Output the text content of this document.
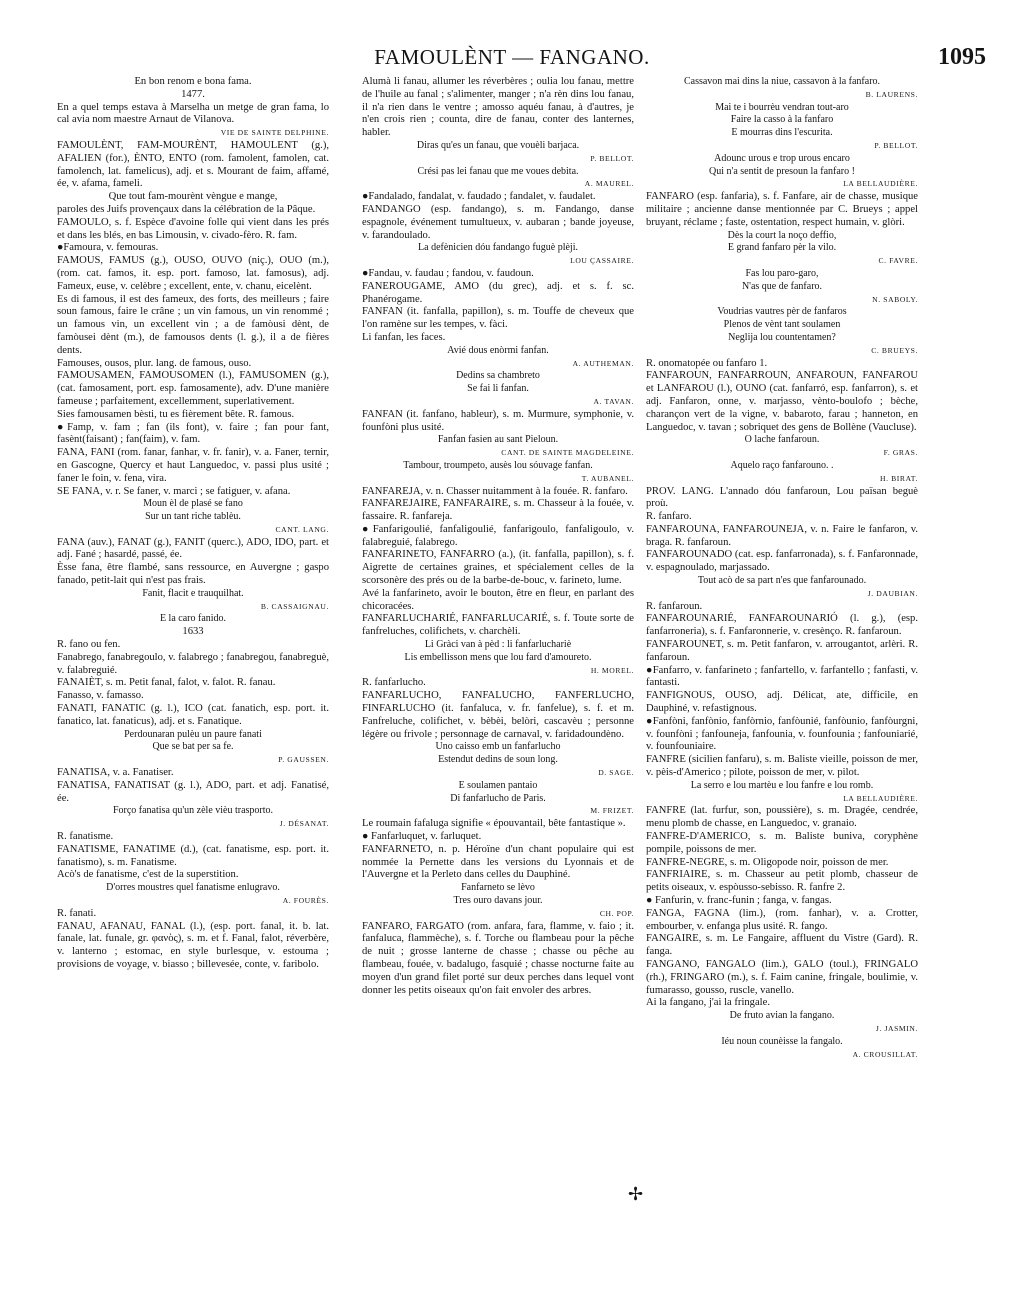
FAMOULÈNT — FANGANO.	1095

En bon renom e bona fama.

1477.

En a quel temps estava à Marselha un metge de gran fama, lo cal avia nom maestre Arnaut de Vilanova.

VIE DE SAINTE DELPHINE.

FAMOULÈNT, FAM-MOURÈNT, HAMOULENT (g.), AFALIEN (for.), ÈNTO, ENTO (rom. famolent, famolen, cat. famolench, lat. famelicus), adj. et s. Mourant de faim, affamé, ée, v. afama, fameli.

Que tout fam-mourènt vèngue e mange,

paroles des Juifs provençaux dans la célébration de la Pâque.

FAMOULO, s. f. Espèce d'avoine folle qui vient dans les prés et dans les blés, en bas Limousin, v. civado-fèro. R. fam.

●Famoura, v. femouras.

FAMOUS, FAMUS (g.), OUSO, OUVO (niç.), OUO (m.), (rom. cat. famos, it. esp. port. famoso, lat. famosus), adj. Fameux, euse, v. celèbre ; excellent, ente, v. chanu, eicelènt.

Es di famous, il est des fameux, des forts, des meilleurs ; faire soun famous, faire le crâne ; un vin famous, un vin renommé ; un famous vin, un excellent vin ; a de famòusi dènt, de famòusei dènt (m.), de famousos dents (l. g.), il a de fières dents.

Famouses, ousos, plur. lang. de famous, ouso.

FAMOUSAMEN, FAMOUSOMEN (l.), FAMUSOMEN (g.), (cat. famosament, port. esp. famosamente), adv. D'une manière fameuse ; parfaitement, excellemment, superlativement.

Sies famousamen bèsti, tu es fièrement bête. R. famous.

●Famp, v. fam ; fan (ils font), v. faire ; fan pour fant, fasènt(faisant) ; fan(faim), v. fam.

FANA, FANI (rom. fanar, fanhar, v. fr. fanir), v. a. Faner, ternir, en Gascogne, Quercy et haut Languedoc, v. passi plus usité ; faner le foin, v. fena, vira.

SE FANA, v. r. Se faner, v. marci ; se fatiguer, v. afana.

Moun èl de plasé se fano

Sur un tant riche tablèu.

CANT. LANG.

FANA (auv.), FANAT (g.), FANIT (querc.), ADO, IDO, part. et adj. Fané ; hasardé, passé, ée.

Èsse fana, être flambé, sans ressource, en Auvergne ; gaspo fanado, petit-lait qui n'est pas frais.

Fanit, flacit e trauquilhat.

B. CASSAIGNAU.

E la caro fanido.

1633

R. fano ou fen.

Fanabrego, fanabregoulo, v. falabrego ; fanabregou, fanabreguè, v. falabreguié.

FANAIÈT, s. m. Petit fanal, falot, v. falot. R. fanau.

Fanasso, v. famasso.

FANATI, FANATIC (g. l.), ICO (cat. fanatich, esp. port. it. fanatico, lat. fanaticus), adj. et s. Fanatique.

Perdounaran pulèu un paure fanati

Que se bat per sa fe.

P. GAUSSEN.

FANATISA, v. a. Fanatiser.

FANATISA, FANATISAT (g. l.), ADO, part. et adj. Fanatisé, ée.

Forço fanatisa qu'un zèle vièu trasporto.

J. DÉSANAT.

R. fanatisme.

FANATISME, FANATIME (d.), (cat. fanatisme, esp. port. it. fanatismo), s. m. Fanatisme.

Acò's de fanatisme, c'est de la superstition.

D'orres moustres quel fanatisme enlugravo.

A. FOURÈS.

R. fanati.

FANAU, AFANAU, FANAL (l.), (esp. port. fanal, it. b. lat. fanale, lat. funale, gr. φανὸς), s. m. et f. Fanal, falot, réverbère, v. lanterno ; estomac, en style burlesque, v. estouma ; provisions de voyage, v. biasso ; billevesée, conte, v. faribolo.

Alumà li fanau, allumer les réverbères ; oulia lou fanau, mettre de l'huile au fanal ; s'alimenter, manger ; n'a rèn dins lou fanau, il n'a rien dans le ventre ; amosso aquéu fanau, à d'autres, je n'en crois rien ; counta, dire de fanau, conter des lanternes, habler.

Diras qu'es un fanau, que vouèli barjaca.

P. BELLOT.

Crési pas lei fanau que me voues debita.

A. MAUREL.

●Fandalado, fandalat, v. faudado ; fandalet, v. faudalet.

FANDANGO (esp. fandango), s. m. Fandango, danse espagnole, événement tumultueux, v. aubaran ; bande joyeuse, v. farandoulado.

La defènicien dóu fandango fuguè plèji.

LOU ÇASSAIRE.

●Fandau, v. faudau ; fandou, v. faudoun.

FANEROUGAME, AMO (du grec), adj. et s. f. sc. Phanérogame.

FANFAN (it. fanfalla, papillon), s. m. Touffe de cheveux que l'on ramène sur les tempes, v. fàci.

Li fanfan, les faces.

Avié dous enòrmi fanfan.

A. AUTHEMAN.

Dedins sa chambreto

Se fai li fanfan.

A. TAVAN.

FANFAN (it. fanfano, hableur), s. m. Murmure, symphonie, v. founfòni plus usité.

Fanfan fasien au sant Pieloun.

CANT. DE SAINTE MAGDELEINE.

Tambour, troumpeto, ausès lou sóuvage fanfan.

T. AUBANEL.

FANFAREJA, v. n. Chasser nuitamment à la fouée. R. fanfaro.

FANFAREJAIRE, FANFARAIRE, s. m. Chasseur à la fouée, v. fassaire. R. fanfareja.

●Fanfarigoulié, fanfaligoulié, fanfarigoulo, fanfaligoulo, v. falabreguié, falabrego.

FANFARINETO, FANFARRO (a.), (it. fanfalla, papillon), s. f. Aigrette de certaines graines, et spécialement celles de la scorsonère des prés ou de la barbe-de-bouc, v. farineto, lume.

Avé la fanfarineto, avoir le bouton, être en fleur, en parlant des chicoracées.

FANFARLUCHARIÉ, FANFARLUCARIÉ, s. f. Toute sorte de fanfreluches, colifichets, v. charchèli.

Li Gràci van à pèd : li fanfarluchariè

Lis embellisson mens que lou fard d'amoureto.

H. MOREL.

R. fanfarlucho.

FANFARLUCHO, FANFALUCHO, FANFERLUCHO, FINFARLUCHO (it. fanfaluca, v. fr. fanfelue), s. f. et m. Fanfreluche, colifichet, v. bèbèi, belòri, cascavèu ; personne légère ou frivole ; personnage de carnaval, v. faridadoundèno.

Uno caisso emb un fanfarlucho

Estendut dedins de soun long.

D. SAGE.

E soulamen pantaio

Di fanfarlucho de Paris.

M. FRIZET.

Le roumain fafaluga signifie « épouvantail, bête fantastique ».

● Fanfarluquet, v. farluquet.

FANFARNETO, n. p. Héroïne d'un chant populaire qui est nommée la Pernette dans les versions du Lyonnais et de l'Auvergne et la Perleto dans celles du Dauphiné.

Fanfarneto se lèvo

Tres ouro davans jour.

CH. POP.

FANFARO, FARGATO (rom. anfara, fara, flamme, v. faio ; it. fanfaluca, flammèche), s. f. Torche ou flambeau pour la pêche de nuit ; grosse lanterne de chasse ; chasse ou pêche au flambeau, fouée, v. badalugo, fasquié ; chasse nocturne faite au moyen d'un grand filet porté sur deux perches dans lequel vont donner les petits oiseaux qu'on fait envoler des arbres.

Cassavon mai dins la niue, cassavon à la fanfaro.

B. LAURENS.

Mai te i bourrèu vendran tout-aro

Faire la casso à la fanfaro

E mourras dins l'escurita.

P. BELLOT.

Adounc urous e trop urous encaro

Qui n'a sentit de presoun la fanfaro !

LA BELLAUDIÈRE.

FANFARO (esp. fanfaria), s. f. Fanfare, air de chasse, musique militaire ; ancienne danse mentionnée par C. Brueys ; appel bruyant, réclame ; faste, ostentation, respect humain, v. glòri.

Dès la court la noço deffio,

E grand fanfaro pèr la vilo.

C. FAVRE.

Fas lou paro-garo,

N'as que de fanfaro.

N. SABOLY.

Voudrias vautres pèr de fanfaros

Plenos de vènt tant soulamen

Neglija lou countentamen?

C. BRUEYS.

R. onomatopée ou fanfaro 1.

FANFAROUN, FANFARROUN, ANFAROUN, FANFAROU et LANFAROU (l.), OUNO (cat. fanfarró, esp. fanfarron), s. et adj. Fanfaron, onne, v. marjasso, vènto-boulofo ; bèche, charançon vert de la vigne, v. babaroto, farau ; hanneton, en Languedoc, v. tavan ; sobriquet des gens de Bollène (Vaucluse).

O lache fanfaroun.

F. GRAS.

Aquelo raço fanfarouno. .

H. BIRAT.

PROV. LANG. L'annado dóu fanfaroun, Lou païsan beguè proù.

R. fanfaro.

FANFAROUNA, FANFAROUNEJA, v. n. Faire le fanfaron, v. braga. R. fanfaroun.

FANFAROUNADO (cat. esp. fanfarronada), s. f. Fanfaronnade, v. espagnoulado, marjassado.

Tout acò de sa part n'es que fanfarounado.

J. DAUBIAN.

R. fanfaroun.

FANFAROUNARIÉ, FANFAROUNARIÓ (l. g.), (esp. fanfarroneria), s. f. Fanfaronnerie, v. cresènço. R. fanfaroun.

FANFAROUNET, s. m. Petit fanfaron, v. arrougantot, arlèri. R. fanfaroun.

●Fanfarro, v. fanfarineto ; fanfartello, v. farfantello ; fanfasti, v. fantasti.

FANFIGNOUS, OUSO, adj. Délicat, ate, difficile, en Dauphiné, v. refastignous.

●Fanfòni, fanfònio, fanfòrnio, fanfòunié, fanfòunio, fanfòurgni, v. founfòni ; fanfouneja, fanfounia, v. founfounia ; fanfouniarié, v. founfouniaire.

FANFRE (sicilien fanfaru), s. m. Baliste vieille, poisson de mer, v. pèis-d'Americo ; pilote, poisson de mer, v. pilot.

La serro e lou martèu e lou fanfre e lou romb.

LA BELLAUDIÈRE.

FANFRE (lat. furfur, son, poussière), s. m. Dragée, cendrée, menu plomb de chasse, en Languedoc, v. granaio.

FANFRE-D'AMERICO, s. m. Baliste buniva, coryphène pompile, poissons de mer.

FANFRE-NEGRE, s. m. Oligopode noir, poisson de mer.

FANFRIAIRE, s. m. Chasseur au petit plomb, chasseur de petits oiseaux, v. espòusso-sebisso. R. fanfre 2.

● Fanfurin, v. franc-funin ; fanga, v. fangas.

FANGA, FAGNA (lim.), (rom. fanhar), v. a. Crotter, embourber, v. enfanga plus usité. R. fango.

FANGAIRE, s. m. Le Fangaire, affluent du Vistre (Gard). R. fanga.

FANGANO, FANGALO (lim.), GALO (toul.), FRINGALO (rh.), FRINGARO (m.), s. f. Faim canine, fringale, boulimie, v. fumarasso, gousso, ruscle, vanello.

Ai la fangano, j'ai la fringale.

De fruto avian la fangano.

J. JASMIN.

Iéu noun counèisse la fangalo.

A. CROUSILLAT.

✢
